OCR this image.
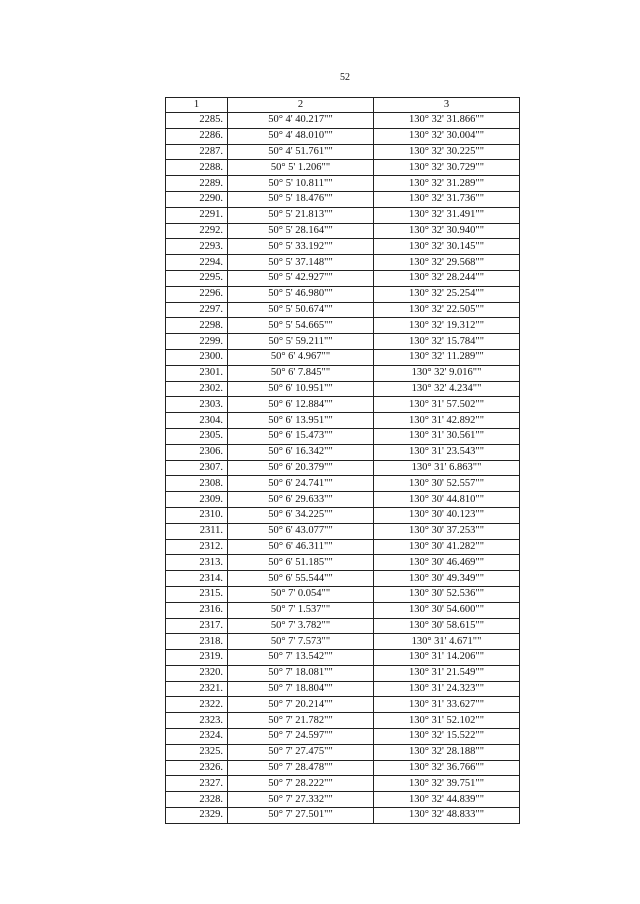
52
1	2	3
2285.	50° 4' 40.217""	130° 32' 31.866""
2286.	50° 4' 48.010""	130° 32' 30.004""
2287.	50° 4' 51.761""	130° 32' 30.225""
2288.	50° 5' 1.206""	130° 32' 30.729""
2289.	50° 5' 10.811""	130° 32' 31.289""
2290.	50° 5' 18.476""	130° 32' 31.736""
2291.	50° 5' 21.813""	130° 32' 31.491""
2292.	50° 5' 28.164""	130° 32' 30.940""
2293.	50° 5' 33.192""	130° 32' 30.145""
2294.	50° 5' 37.148""	130° 32' 29.568""
2295.	50° 5' 42.927""	130° 32' 28.244""
2296.	50° 5' 46.980""	130° 32' 25.254""
2297.	50° 5' 50.674""	130° 32' 22.505""
2298.	50° 5' 54.665""	130° 32' 19.312""
2299.	50° 5' 59.211""	130° 32' 15.784""
2300.	50° 6' 4.967""	130° 32' 11.289""
2301.	50° 6' 7.845""	130° 32' 9.016""
2302.	50° 6' 10.951""	130° 32' 4.234""
2303.	50° 6' 12.884""	130° 31' 57.502""
2304.	50° 6' 13.951""	130° 31' 42.892""
2305.	50° 6' 15.473""	130° 31' 30.561""
2306.	50° 6' 16.342""	130° 31' 23.543""
2307.	50° 6' 20.379""	130° 31' 6.863""
2308.	50° 6' 24.741""	130° 30' 52.557""
2309.	50° 6' 29.633""	130° 30' 44.810""
2310.	50° 6' 34.225""	130° 30' 40.123""
2311.	50° 6' 43.077""	130° 30' 37.253""
2312.	50° 6' 46.311""	130° 30' 41.282""
2313.	50° 6' 51.185""	130° 30' 46.469""
2314.	50° 6' 55.544""	130° 30' 49.349""
2315.	50° 7' 0.054""	130° 30' 52.536""
2316.	50° 7' 1.537""	130° 30' 54.600""
2317.	50° 7' 3.782""	130° 30' 58.615""
2318.	50° 7' 7.573""	130° 31' 4.671""
2319.	50° 7' 13.542""	130° 31' 14.206""
2320.	50° 7' 18.081""	130° 31' 21.549""
2321.	50° 7' 18.804""	130° 31' 24.323""
2322.	50° 7' 20.214""	130° 31' 33.627""
2323.	50° 7' 21.782""	130° 31' 52.102""
2324.	50° 7' 24.597""	130° 32' 15.522""
2325.	50° 7' 27.475""	130° 32' 28.188""
2326.	50° 7' 28.478""	130° 32' 36.766""
2327.	50° 7' 28.222""	130° 32' 39.751""
2328.	50° 7' 27.332""	130° 32' 44.839""
2329.	50° 7' 27.501""	130° 32' 48.833""
